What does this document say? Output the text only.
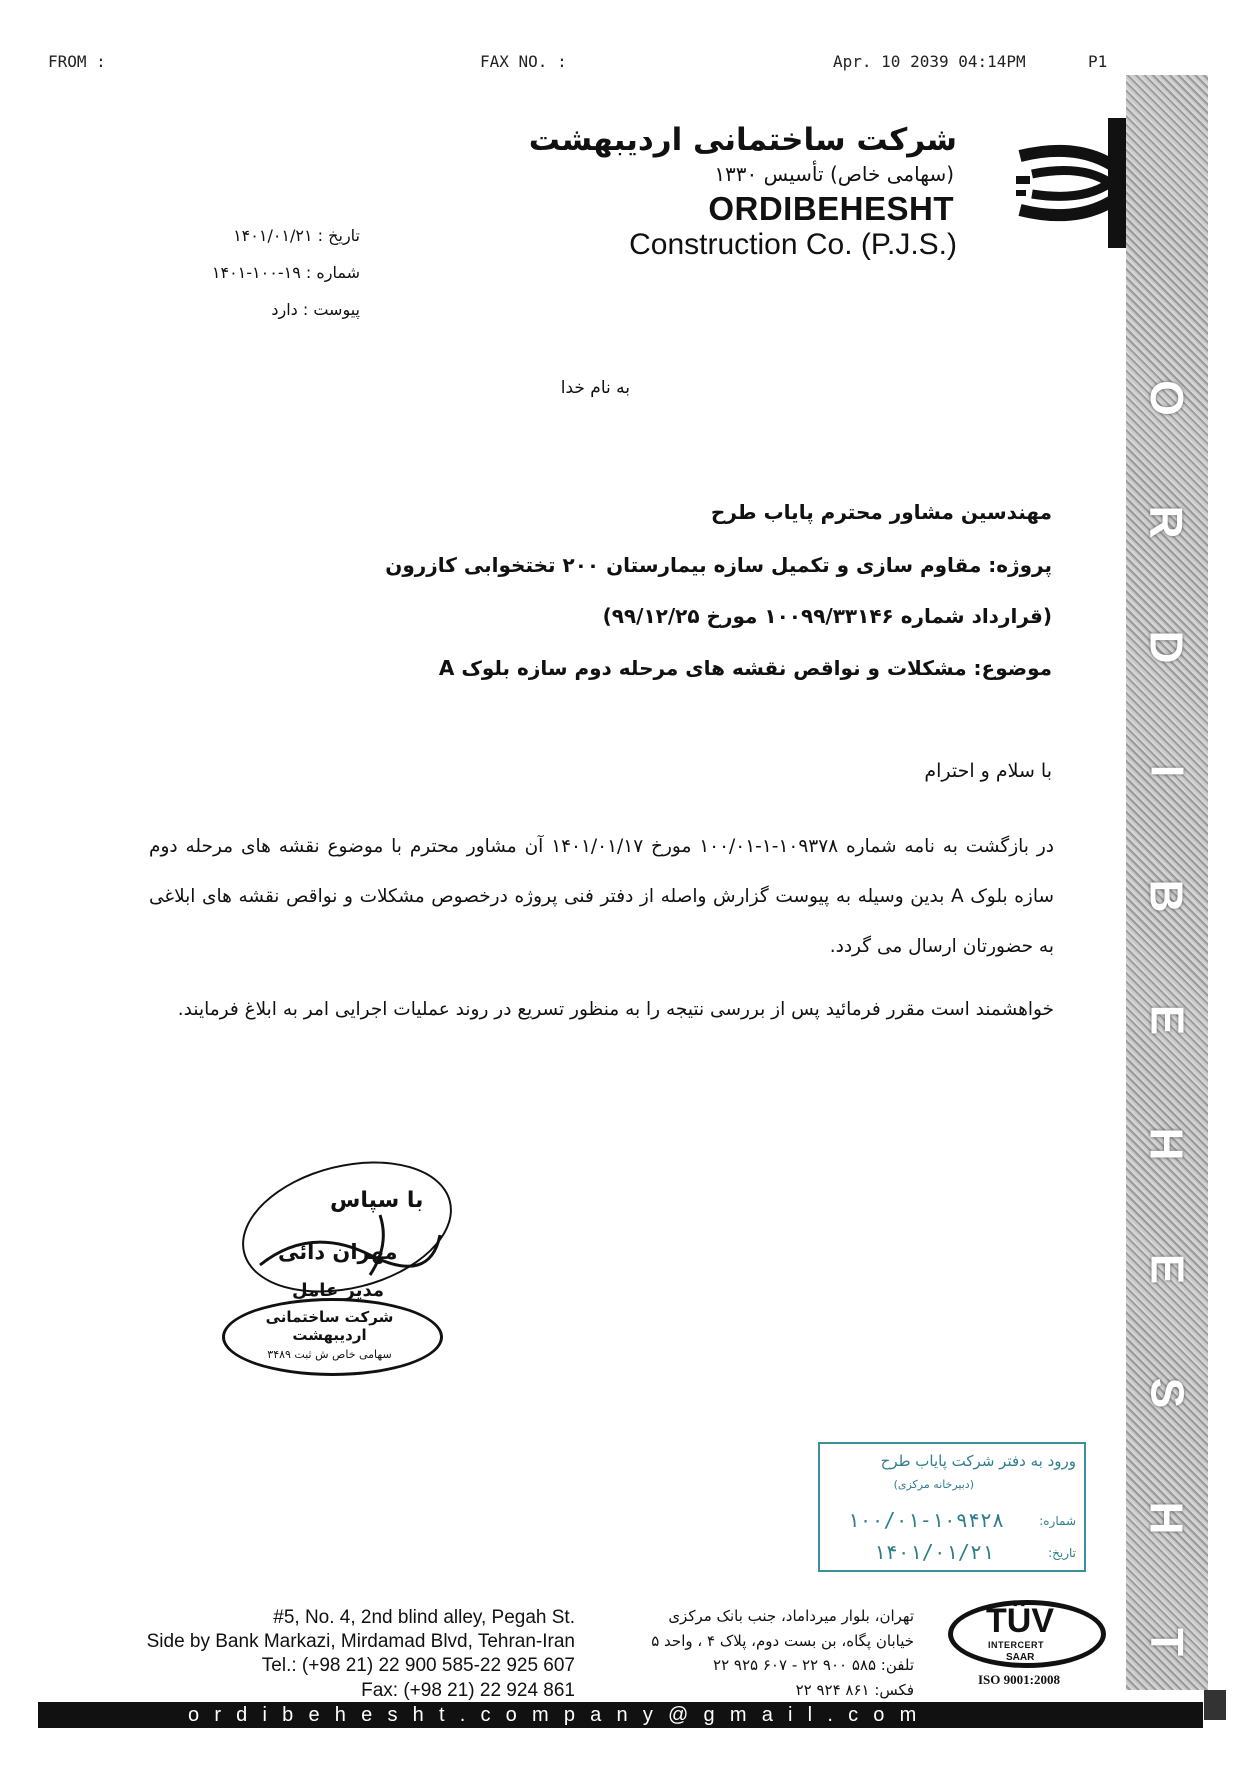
FROM :	FAX NO. :	Apr. 10 2039 04:14PM	P1
شرکت ساختمانی اردیبهشت
(سهامی خاص) تأسیس ۱۳۳۰
ORDIBEHESHT
Construction Co. (P.J.S.)
O
R
D
I
B
E
H
E
S
H
T
تاریخ : ۱۴۰۱/۰۱/۲۱
شماره : ۱۹-۱۰۰-۱۴۰۱
پیوست : دارد
به نام خدا
مهندسین مشاور محترم پایاب طرح
پروژه: مقاوم سازی و تکمیل سازه بیمارستان ۲۰۰ تختخوابی کازرون
(قرارداد شماره ۱۰۰۹۹/۳۳۱۴۶ مورخ ۹۹/۱۲/۲۵)
موضوع: مشکلات و نواقص نقشه های مرحله دوم سازه بلوک A
با سلام و احترام
در بازگشت به نامه شماره ۱۰۹۳۷۸-۱-۱۰۰/۰۱ مورخ ۱۴۰۱/۰۱/۱۷ آن مشاور محترم با موضوع نقشه های مرحله دوم سازه بلوک A بدین وسیله به پیوست گزارش واصله از دفتر فنی پروژه درخصوص مشکلات و نواقص نقشه های ابلاغی به حضورتان ارسال می گردد.
خواهشمند است مقرر فرمائید پس از بررسی نتیجه را به منظور تسریع در روند عملیات اجرایی امر به ابلاغ فرمایند.
با سپاس
مهران دائی
مدیر عامل
شرکت ساختمانی اردیبهشت
سهامی خاص ش ثبت ۳۴۸۹
ورود به دفتر شرکت پایاب طرح
(دبیرخانه مرکزی)
شماره:
۱۰۰/۰۱-۱۰۹۴۲۸
تاریخ:
۱۴۰۱/۰۱/۲۱
#5, No. 4, 2nd blind alley, Pegah St.
Side by Bank Markazi, Mirdamad Blvd, Tehran-Iran
Tel.: (+98 21) 22 900 585-22 925 607
Fax: (+98 21) 22 924 861
تهران، بلوار میرداماد، جنب بانک مرکزی
خیابان پگاه، بن بست دوم، پلاک ۴ ، واحد ۵
تلفن: ۵۸۵ ۹۰۰ ۲۲ - ۶۰۷ ۹۲۵ ۲۲
فکس: ۸۶۱ ۹۲۴ ۲۲
TÜV
INTERCERT
SAAR
ISO 9001:2008
ordibehesht.company@gmail.com
